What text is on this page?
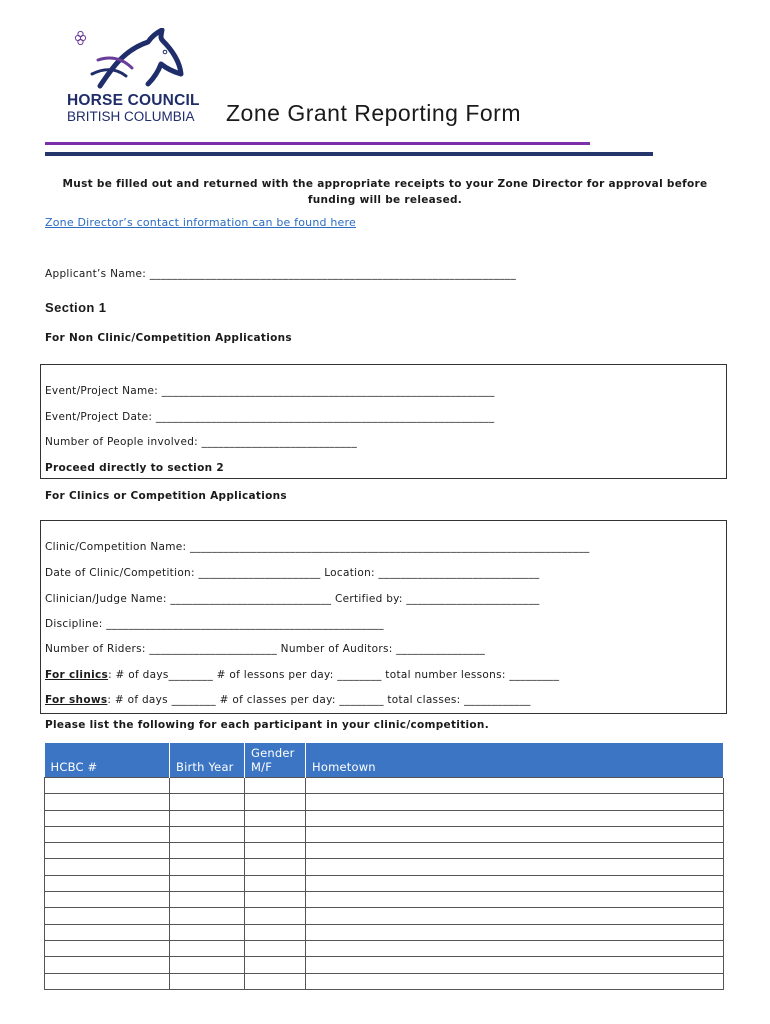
HORSE COUNCIL
BRITISH COLUMBIA Zone Grant Reporting Form
Must be filled out and returned with the appropriate receipts to your Zone Director for approval before funding will be released.
Zone Director’s contact information can be found here
Applicant’s Name: __________________________________________________________________
Section 1
For Non Clinic/Competition Applications
Event/Project Name: ____________________________________________________________
Event/Project Date: _____________________________________________________________
Number of People involved: ____________________________
Proceed directly to section 2
For Clinics or Competition Applications
Clinic/Competition Name: ________________________________________________________________________
Date of Clinic/Competition: ______________________ Location: _____________________________
Clinician/Judge Name: _____________________________ Certified by: ________________________
Discipline: __________________________________________________
Number of Riders: _______________________ Number of Auditors: ________________
For clinics: # of days________ # of lessons per day: ________ total number lessons: _________
For shows: # of days ________ # of classes per day: ________ total classes: ____________
Please list the following for each participant in your clinic/competition.
HCBC #	Birth Year	Gender M/F	Hometown
